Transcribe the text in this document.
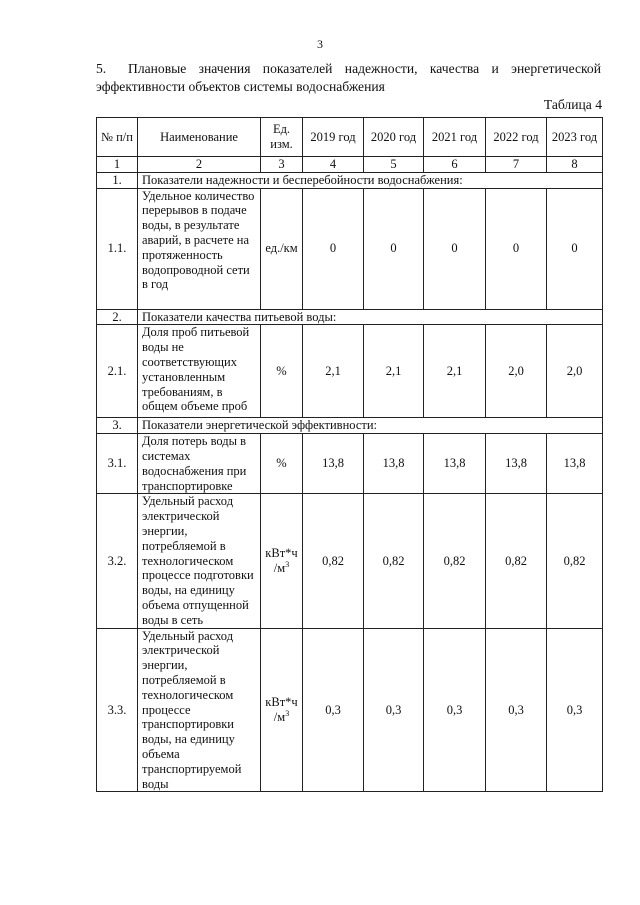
3
5. Плановые значения показателей надежности, качества и энергетической эффективности объектов системы водоснабжения
Таблица 4
№ п/п	Наименование	Ед. изм.	2019 год	2020 год	2021 год	2022 год	2023 год
1	2	3	4	5	6	7	8
1.	Показатели надежности и бесперебойности водоснабжения:						
1.1.	Удельное количество перерывов в подаче воды, в результате аварий, в расчете на протяженность водопроводной сети в год	ед./км	0	0	0	0	0
2.	Показатели качества питьевой воды:						
2.1.	Доля проб питьевой воды не соответствующих установленным требованиям, в общем объеме проб	%	2,1	2,1	2,1	2,0	2,0
3.	Показатели энергетической эффективности:						
3.1.	Доля потерь воды в системах водоснабжения при транспортировке	%	13,8	13,8	13,8	13,8	13,8
3.2.	Удельный расход электрической энергии, потребляемой в технологическом процессе подготовки воды, на единицу объема отпущенной воды в сеть	кВт*ч $/м^3$	0,82	0,82	0,82	0,82	0,82
3.3.	Удельный расход электрической энергии, потребляемой в технологическом процессе транспортировки воды, на единицу объема транспортируемой воды	кВт*ч $/м^3$	0,3	0,3	0,3	0,3	0,3
